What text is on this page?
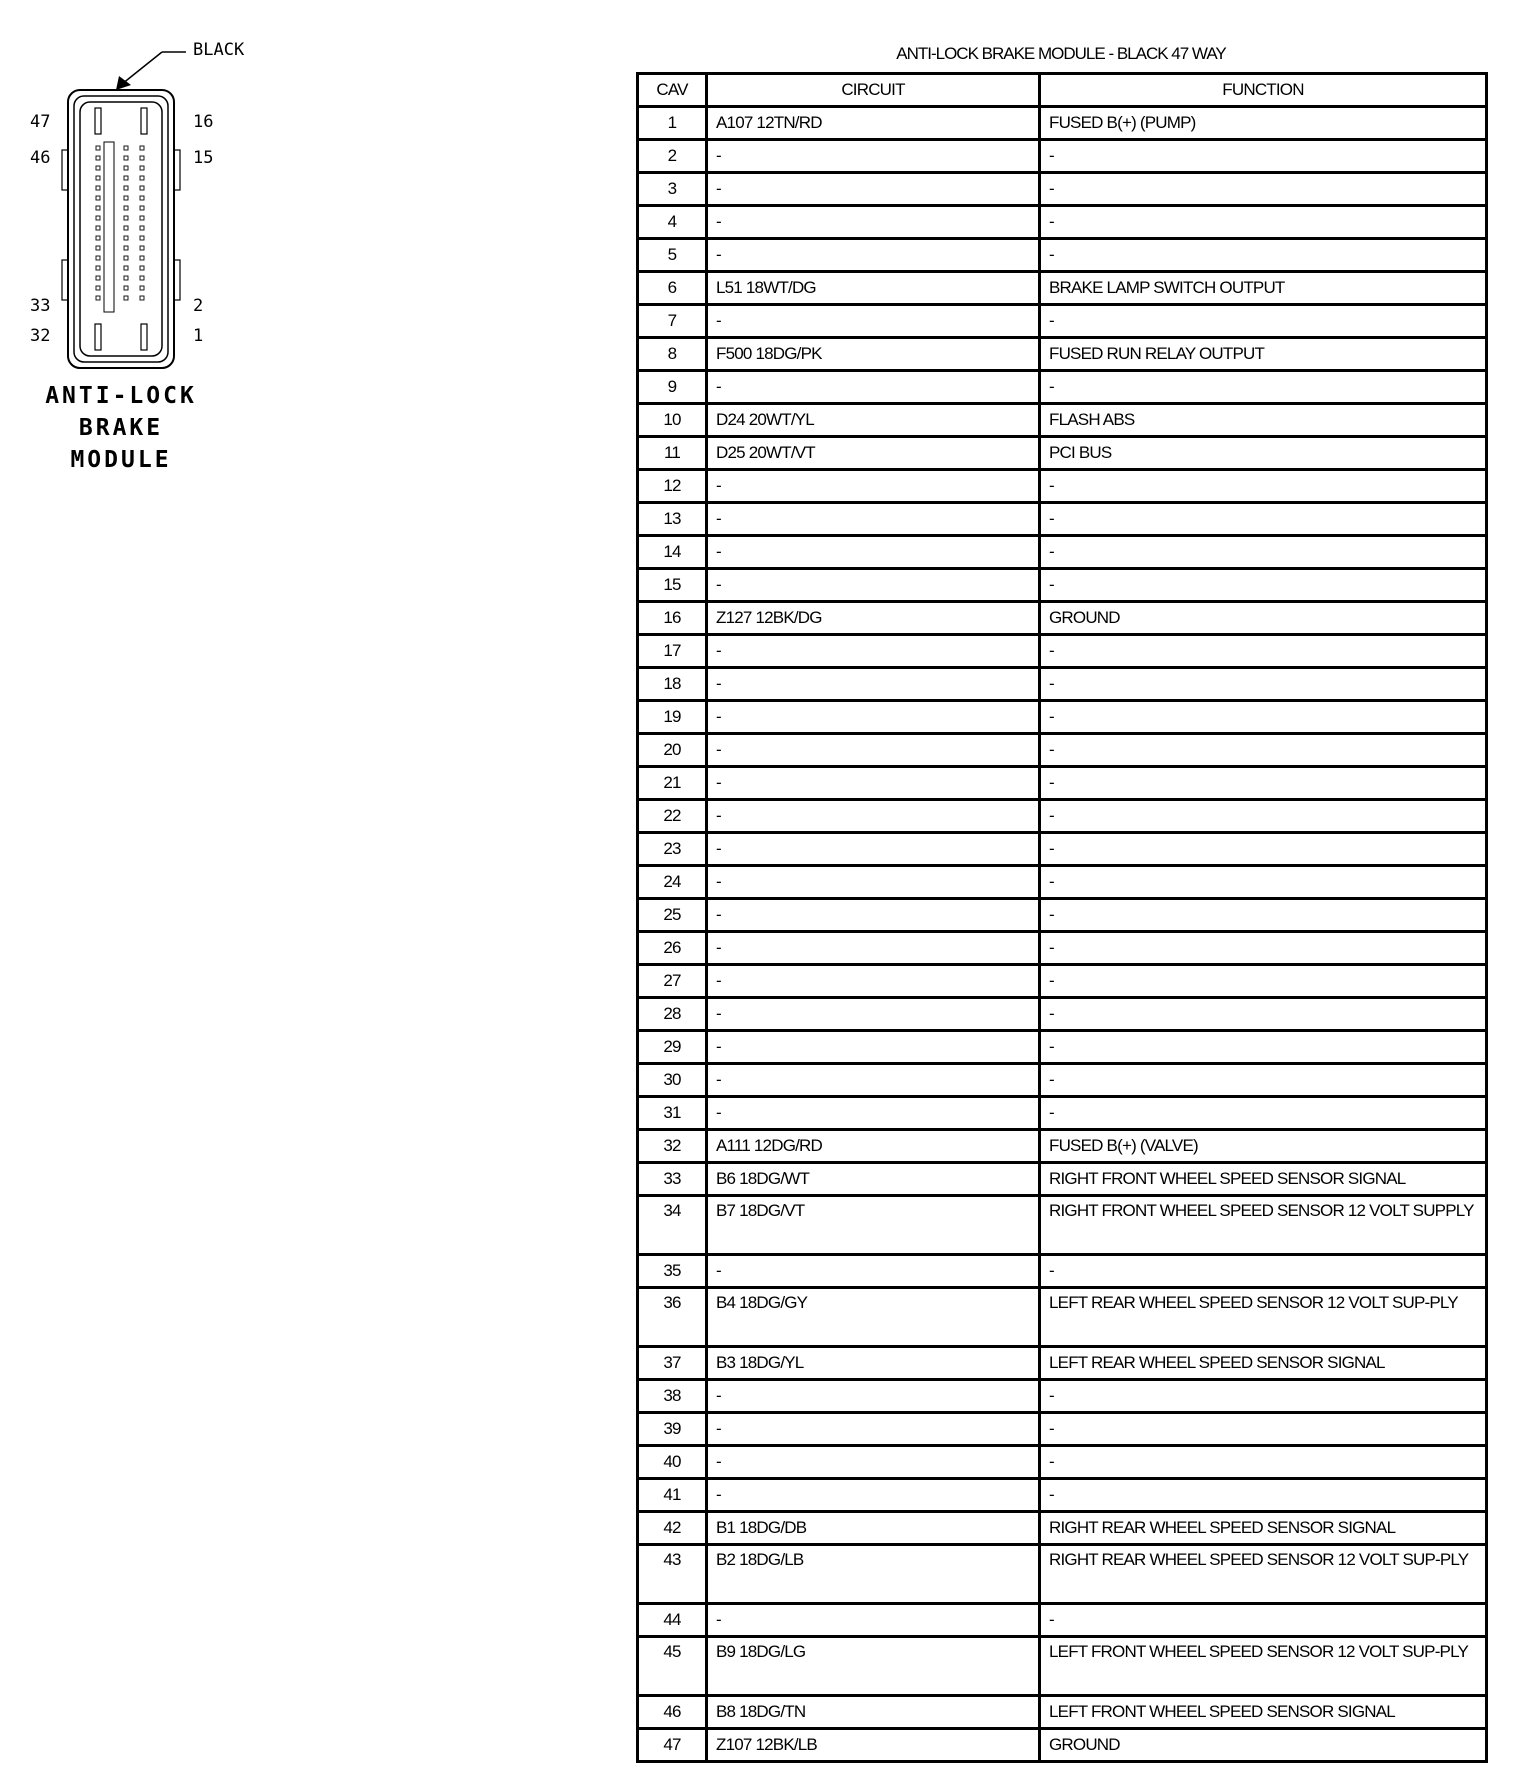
BLACK
47
46
33
32
16
15
2
1
ANTI-LOCK
BRAKE
MODULE
ANTI-LOCK BRAKE MODULE - BLACK 47 WAY
CAV	CIRCUIT	FUNCTION
1	A107 12TN/RD	FUSED B(+) (PUMP)
2	-	-
3	-	-
4	-	-
5	-	-
6	L51 18WT/DG	BRAKE LAMP SWITCH OUTPUT
7	-	-
8	F500 18DG/PK	FUSED RUN RELAY OUTPUT
9	-	-
10	D24 20WT/YL	FLASH ABS
11	D25 20WT/VT	PCI BUS
12	-	-
13	-	-
14	-	-
15	-	-
16	Z127 12BK/DG	GROUND
17	-	-
18	-	-
19	-	-
20	-	-
21	-	-
22	-	-
23	-	-
24	-	-
25	-	-
26	-	-
27	-	-
28	-	-
29	-	-
30	-	-
31	-	-
32	A111 12DG/RD	FUSED B(+) (VALVE)
33	B6 18DG/WT	RIGHT FRONT WHEEL SPEED SENSOR SIGNAL
34	B7 18DG/VT	RIGHT FRONT WHEEL SPEED SENSOR 12 VOLT SUPPLY
35	-	-
36	B4 18DG/GY	LEFT REAR WHEEL SPEED SENSOR 12 VOLT SUP-PLY
37	B3 18DG/YL	LEFT REAR WHEEL SPEED SENSOR SIGNAL
38	-	-
39	-	-
40	-	-
41	-	-
42	B1 18DG/DB	RIGHT REAR WHEEL SPEED SENSOR SIGNAL
43	B2 18DG/LB	RIGHT REAR WHEEL SPEED SENSOR 12 VOLT SUP-PLY
44	-	-
45	B9 18DG/LG	LEFT FRONT WHEEL SPEED SENSOR 12 VOLT SUP-PLY
46	B8 18DG/TN	LEFT FRONT WHEEL SPEED SENSOR SIGNAL
47	Z107 12BK/LB	GROUND
